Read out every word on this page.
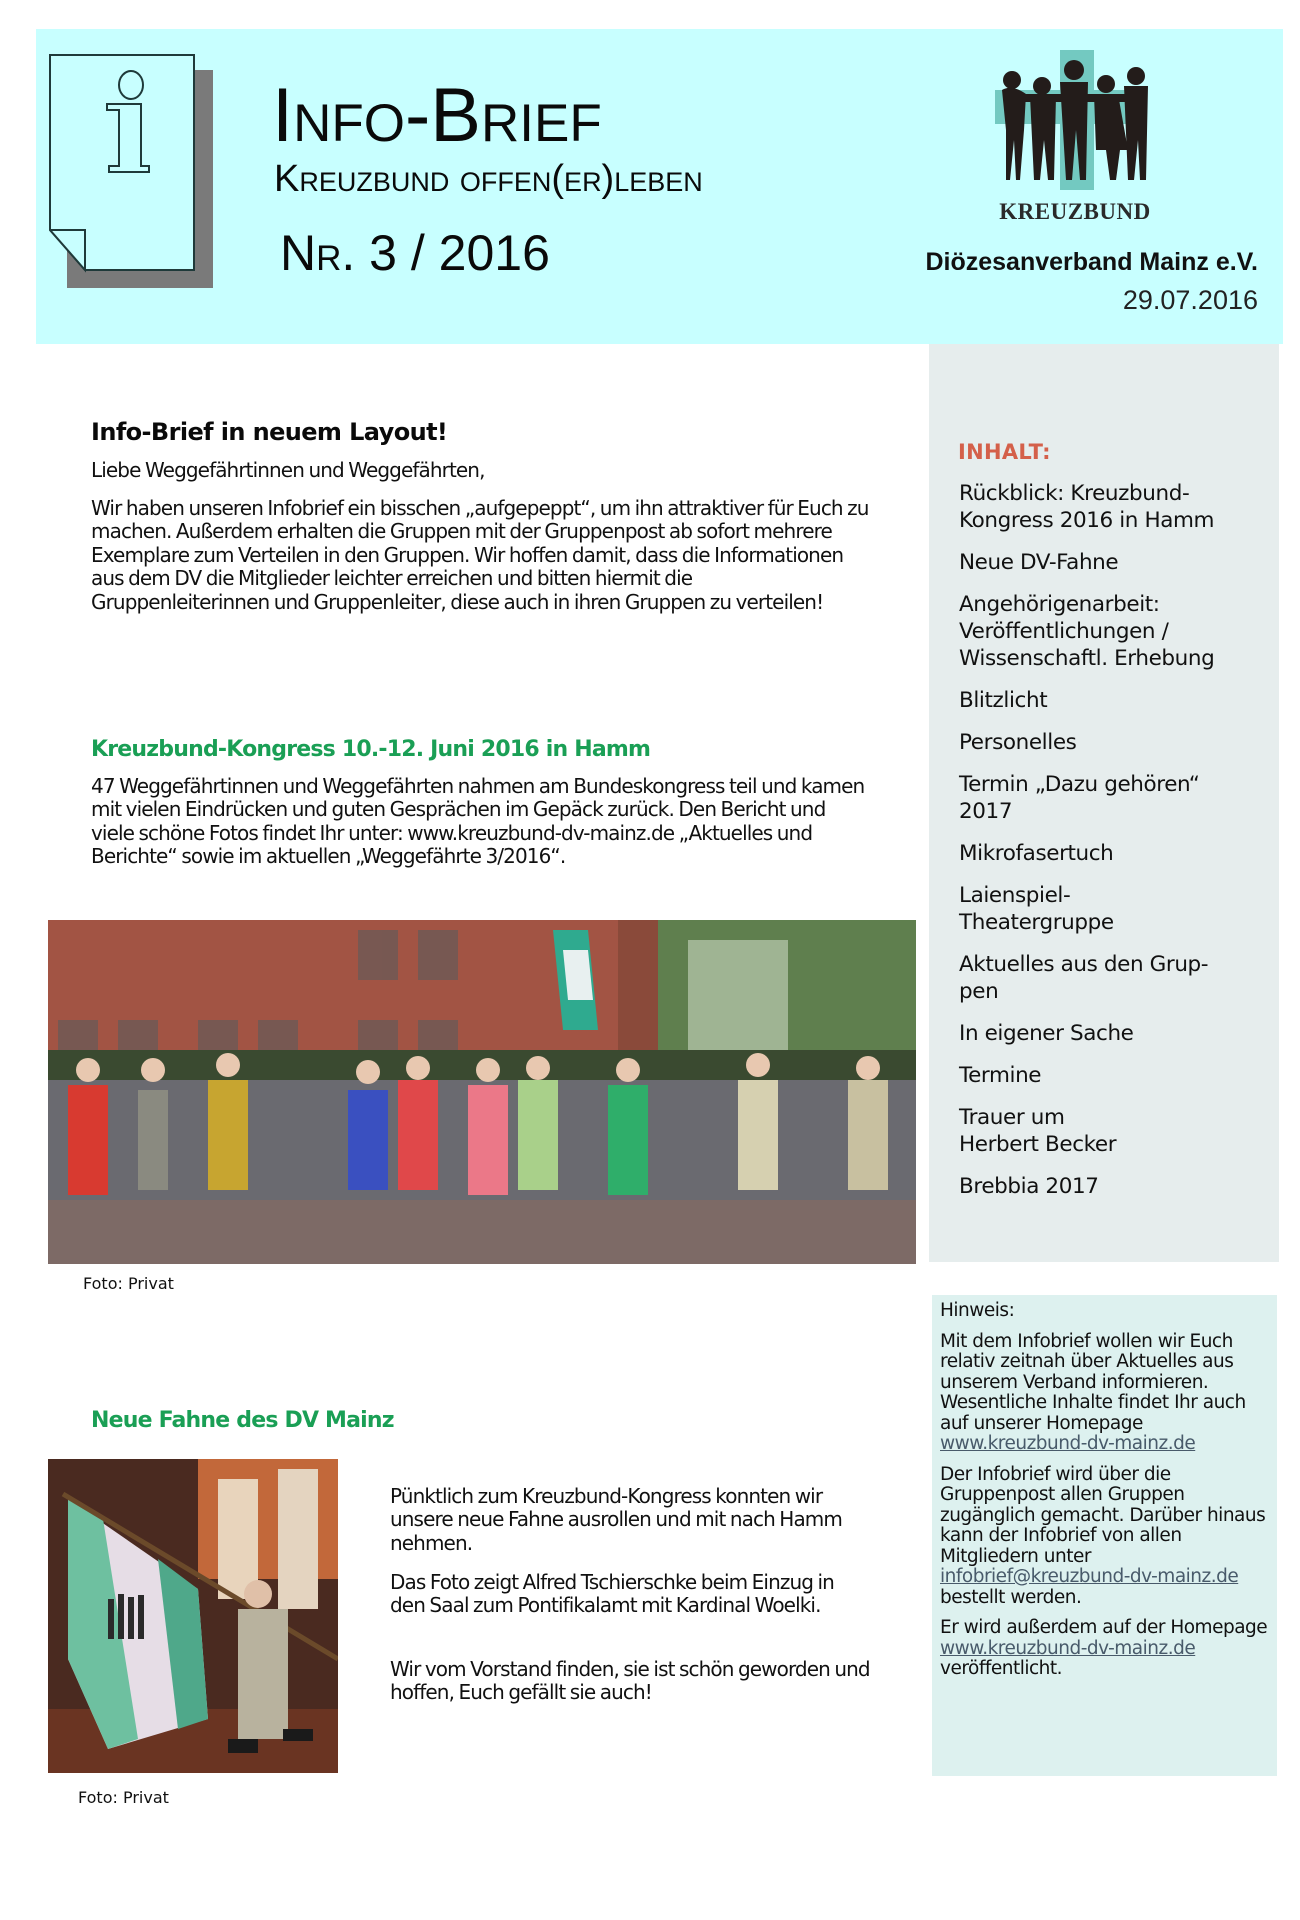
Info-Brief
Kreuzbund offen(er)leben
Nr. 3 / 2016
KREUZBUND
Diözesanverband Mainz e.V.
29.07.2016
INHALT:
Rückblick: Kreuzbund-
Kongress 2016 in Hamm
Neue DV-Fahne
Angehörigenarbeit:
Veröffentlichungen /
Wissenschaftl. Erhebung
Blitzlicht
Personelles
Termin „Dazu gehören“
2017
Mikrofasertuch
Laienspiel-
Theatergruppe
Aktuelles aus den Grup-
pen
In eigener Sache
Termine
Trauer um
Herbert Becker
Brebbia 2017

Hinweis:

Mit dem Infobrief wollen wir Euch relativ zeitnah über Aktuelles aus unserem Verband informieren. Wesentliche Inhalte findet Ihr auch auf unserer Homepage www.kreuzbund-dv-mainz.de

Der Infobrief wird über die Gruppenpost allen Gruppen zugänglich gemacht. Darüber hinaus kann der Infobrief von allen Mitgliedern unter infobrief@kreuzbund-dv-mainz.de bestellt werden.

Er wird außerdem auf der Homepage www.kreuzbund-dv-mainz.de veröffentlicht.

Info-Brief in neuem Layout!
Liebe Weggefährtinnen und Weggefährten,
Wir haben unseren Infobrief ein bisschen „aufgepeppt“, um ihn attraktiver für Euch zu machen. Außerdem erhalten die Gruppen mit der Gruppenpost ab sofort mehrere Exemplare zum Verteilen in den Gruppen. Wir hoffen damit, dass die Informationen aus dem DV die Mitglieder leichter erreichen und bitten hiermit die Gruppenleiterinnen und Gruppenleiter, diese auch in ihren Gruppen zu verteilen!
Kreuzbund-Kongress 10.-12. Juni 2016 in Hamm
47 Weggefährtinnen und Weggefährten nahmen am Bundeskongress teil und kamen mit vielen Eindrücken und guten Gesprächen im Gepäck zurück. Den Bericht und viele schöne Fotos findet Ihr unter: www.kreuzbund-dv-mainz.de „Aktuelles und Berichte“ sowie im aktuellen „Weggefährte 3/2016“.
Foto: Privat
Neue Fahne des DV Mainz
Pünktlich zum Kreuzbund-Kongress konnten wir unsere neue Fahne ausrollen und mit nach Hamm nehmen.
Das Foto zeigt Alfred Tschierschke beim Einzug in den Saal zum Pontifikalamt mit Kardinal Woelki.
Wir vom Vorstand finden, sie ist schön geworden und hoffen, Euch gefällt sie auch!
Foto: Privat
